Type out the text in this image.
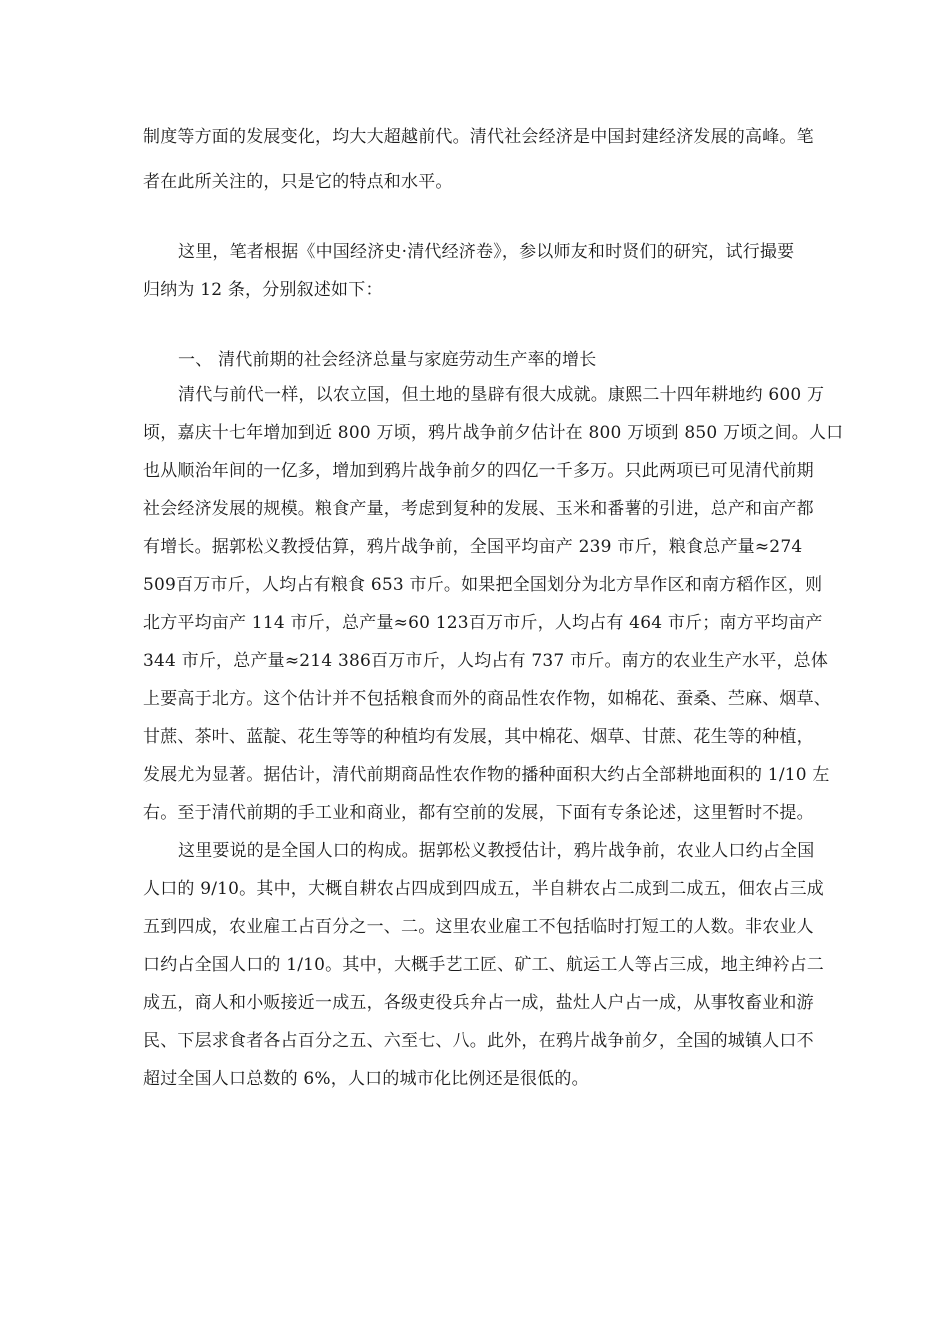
制度等方面的发展变化，均大大超越前代。清代社会经济是中国封建经济发展的高峰。笔
者在此所关注的，只是它的特点和水平。
这里，笔者根据《中国经济史·清代经济卷》，参以师友和时贤们的研究，试行撮要
归纳为 12 条，分别叙述如下：
一、 清代前期的社会经济总量与家庭劳动生产率的增长
清代与前代一样，以农立国，但土地的垦辟有很大成就。康熙二十四年耕地约 600 万
顷，嘉庆十七年增加到近 800 万顷，鸦片战争前夕估计在 800 万顷到 850 万顷之间。人口
也从顺治年间的一亿多，增加到鸦片战争前夕的四亿一千多万。只此两项已可见清代前期
社会经济发展的规模。粮食产量，考虑到复种的发展、玉米和番薯的引进，总产和亩产都
有增长。据郭松义教授估算，鸦片战争前，全国平均亩产 239 市斤，粮食总产量≈274
509百万市斤，人均占有粮食 653 市斤。如果把全国划分为北方旱作区和南方稻作区，则
北方平均亩产 114 市斤，总产量≈60 123百万市斤，人均占有 464 市斤；南方平均亩产
344 市斤，总产量≈214 386百万市斤，人均占有 737 市斤。南方的农业生产水平，总体
上要高于北方。这个估计并不包括粮食而外的商品性农作物，如棉花、蚕桑、苎麻、烟草、
甘蔗、茶叶、蓝靛、花生等等的种植均有发展，其中棉花、烟草、甘蔗、花生等的种植，
发展尤为显著。据估计，清代前期商品性农作物的播种面积大约占全部耕地面积的 1/10 左
右。至于清代前期的手工业和商业，都有空前的发展，下面有专条论述，这里暂时不提。
这里要说的是全国人口的构成。据郭松义教授估计，鸦片战争前，农业人口约占全国
人口的 9/10。其中，大概自耕农占四成到四成五，半自耕农占二成到二成五，佃农占三成
五到四成，农业雇工占百分之一、二。这里农业雇工不包括临时打短工的人数。非农业人
口约占全国人口的 1/10。其中，大概手艺工匠、矿工、航运工人等占三成，地主绅衿占二
成五，商人和小贩接近一成五，各级吏役兵弁占一成，盐灶人户占一成，从事牧畜业和游
民、下层求食者各占百分之五、六至七、八。此外，在鸦片战争前夕，全国的城镇人口不
超过全国人口总数的 6%，人口的城市化比例还是很低的。
